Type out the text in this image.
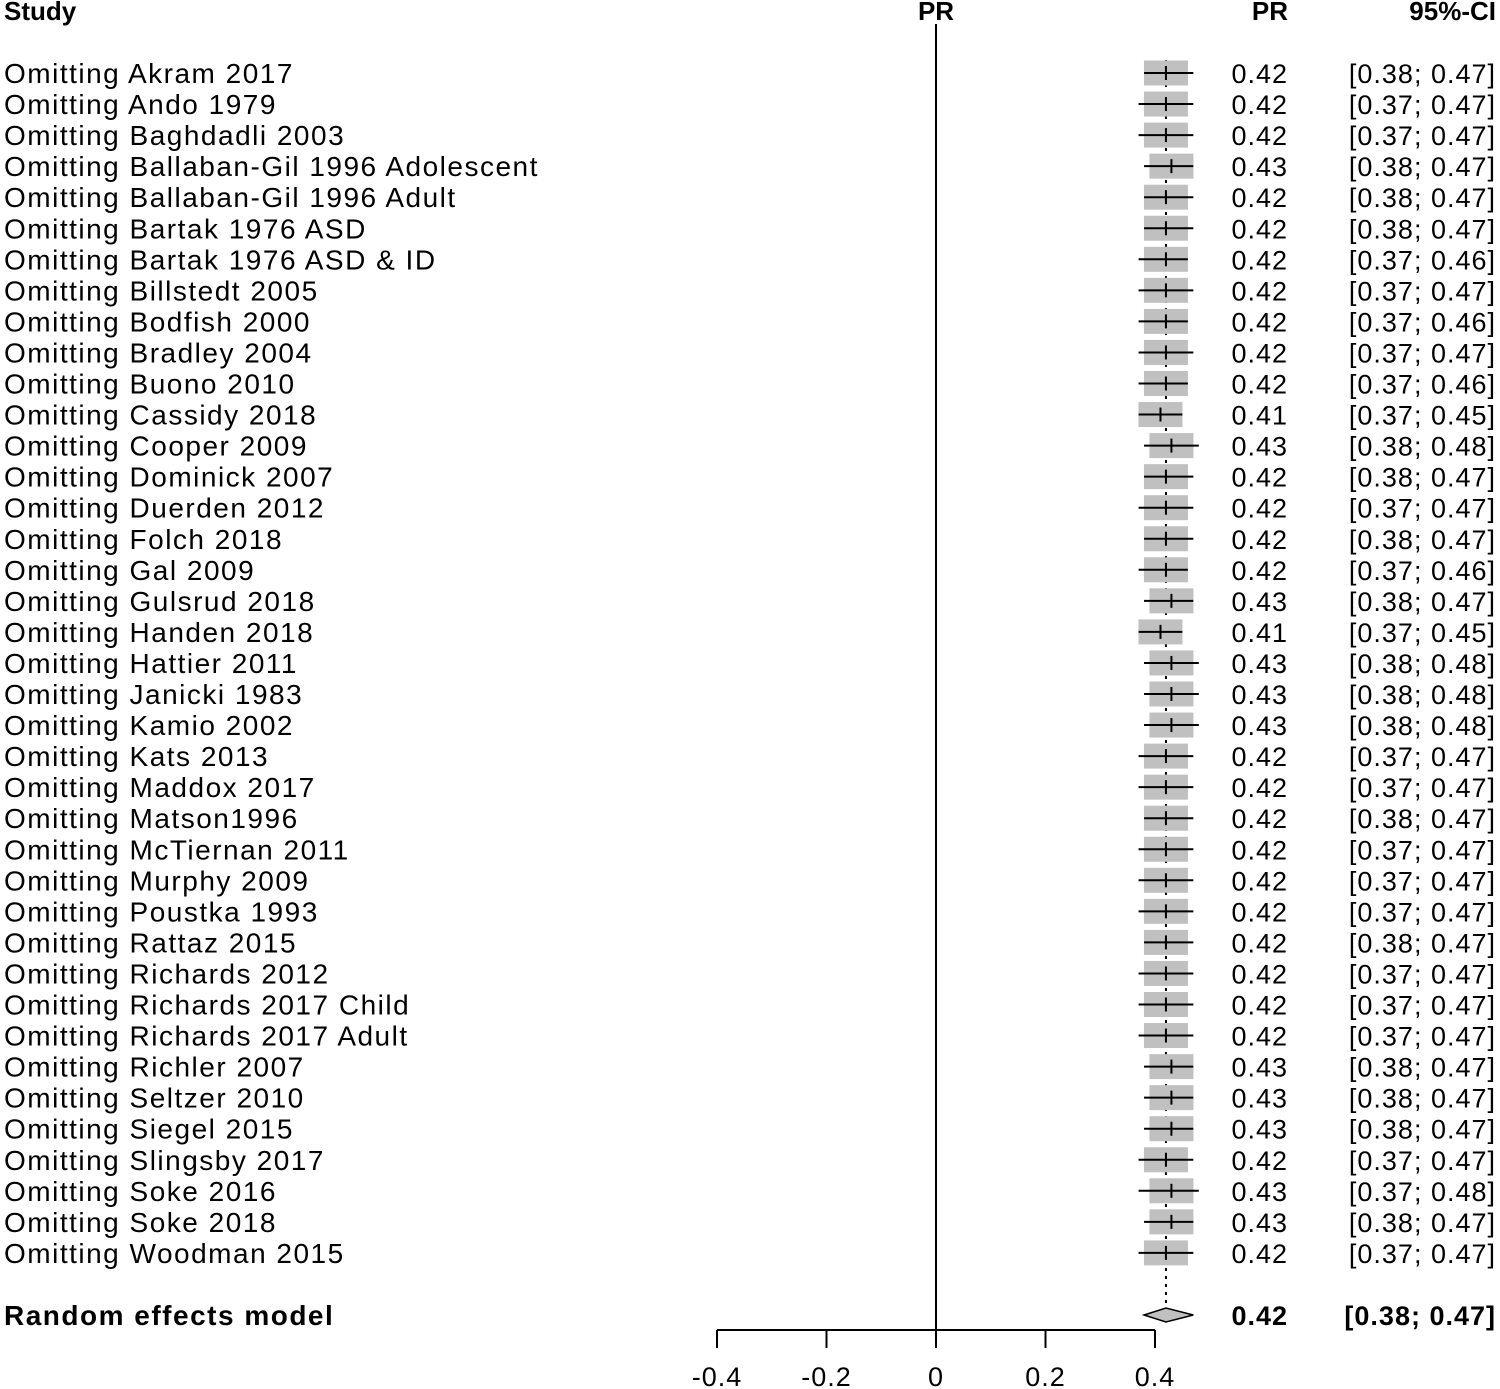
Study	PR	PR	95%-CI
Omitting Akram 2017	0.42 [0.38; 0.47]
Omitting Ando 1979	0.42 [0.37; 0.47]
Omitting Baghdadli 2003	0.42 [0.37; 0.47]
Omitting Ballaban-Gil 1996 Adolescent	0.43 [0.38; 0.47]
Omitting Ballaban-Gil 1996 Adult	0.42 [0.38; 0.47]
Omitting Bartak 1976 ASD	0.42 [0.38; 0.47]
Omitting Bartak 1976 ASD & ID	0.42 [0.37; 0.46]
Omitting Billstedt 2005	0.42 [0.37; 0.47]
Omitting Bodfish 2000	0.42 [0.37; 0.46]
Omitting Bradley 2004	0.42 [0.37; 0.47]
Omitting Buono 2010	0.42 [0.37; 0.46]
Omitting Cassidy 2018	0.41 [0.37; 0.45]
Omitting Cooper 2009	0.43 [0.38; 0.48]
Omitting Dominick 2007	0.42 [0.38; 0.47]
Omitting Duerden 2012	0.42 [0.37; 0.47]
Omitting Folch 2018	0.42 [0.38; 0.47]
Omitting Gal 2009	0.42 [0.37; 0.46]
Omitting Gulsrud 2018	0.43 [0.38; 0.47]
Omitting Handen 2018	0.41 [0.37; 0.45]
Omitting Hattier 2011	0.43 [0.38; 0.48]
Omitting Janicki 1983	0.43 [0.38; 0.48]
Omitting Kamio 2002	0.43 [0.38; 0.48]
Omitting Kats 2013	0.42 [0.37; 0.47]
Omitting Maddox 2017	0.42 [0.37; 0.47]
Omitting Matson1996	0.42 [0.38; 0.47]
Omitting McTiernan 2011	0.42 [0.37; 0.47]
Omitting Murphy 2009	0.42 [0.37; 0.47]
Omitting Poustka 1993	0.42 [0.37; 0.47]
Omitting Rattaz 2015	0.42 [0.38; 0.47]
Omitting Richards 2012	0.42 [0.37; 0.47]
Omitting Richards 2017 Child	0.42 [0.37; 0.47]
Omitting Richards 2017 Adult	0.42 [0.37; 0.47]
Omitting Richler 2007	0.43 [0.38; 0.47]
Omitting Seltzer 2010	0.43 [0.38; 0.47]
Omitting Siegel 2015	0.43 [0.38; 0.47]
Omitting Slingsby 2017	0.42 [0.37; 0.47]
Omitting Soke 2016	0.43 [0.37; 0.48]
Omitting Soke 2018	0.43 [0.38; 0.47]
Omitting Woodman 2015	0.42 [0.37; 0.47]
Random effects model	0.42 [0.38; 0.47]
-0.4 -0.2	0	0.2	0.4
